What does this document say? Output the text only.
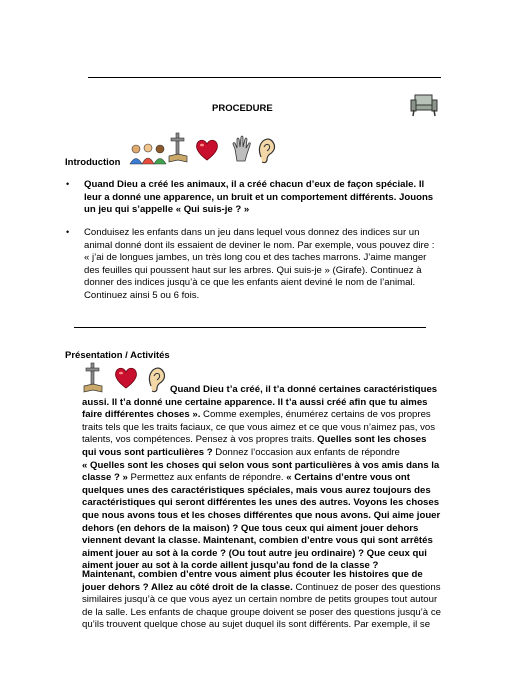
PROCEDURE
Introduction
• Quand Dieu a créé les animaux, il a créé chacun d’eux de façon spéciale. Il
leur a donné une apparence, un bruit et un comportement différents. Jouons
un jeu qui s’appelle « Qui suis-je ? »
• Conduisez les enfants dans un jeu dans lequel vous donnez des indices sur un
animal donné dont ils essaient de deviner le nom. Par exemple, vous pouvez dire :
« j’ai de longues jambes, un très long cou et des taches marrons. J’aime manger
des feuilles qui poussent haut sur les arbres. Qui suis-je » (Girafe). Continuez à
donner des indices jusqu’à ce que les enfants aient deviné le nom de l’animal.
Continuez ainsi 5 ou 6 fois.
Présentation / Activités
Quand Dieu t’a créé, il t’a donné certaines caractéristiques
aussi. Il t’a donné une certaine apparence. Il t’a aussi créé afin que tu aimes
faire différentes choses ». Comme exemples, énumérez certains de vos propres
traits tels que les traits faciaux, ce que vous aimez et ce que vous n’aimez pas, vos
talents, vos compétences. Pensez à vos propres traits. Quelles sont les choses
qui vous sont particulières ? Donnez l’occasion aux enfants de répondre
« Quelles sont les choses qui selon vous sont particulières à vos amis dans la
classe ? » Permettez aux enfants de répondre. « Certains d’entre vous ont
quelques unes des caractéristiques spéciales, mais vous aurez toujours des
caractéristiques qui seront différentes les unes des autres. Voyons les choses
que nous avons tous et les choses différentes que nous avons. Qui aime jouer
dehors (en dehors de la maison) ? Que tous ceux qui aiment jouer dehors
viennent devant la classe. Maintenant, combien d’entre vous qui sont arrêtés
aiment jouer au sot à la corde ? (Ou tout autre jeu ordinaire) ? Que ceux qui
aiment jouer au sot à la corde aillent jusqu’au fond de la classe ?
Maintenant, combien d’entre vous aiment plus écouter les histoires que de
jouer dehors ? Allez au côté droit de la classe. Continuez de poser des questions
similaires jusqu’à ce que vous ayez un certain nombre de petits groupes tout autour
de la salle. Les enfants de chaque groupe doivent se poser des questions jusqu’à ce
qu’ils trouvent quelque chose au sujet duquel ils sont différents. Par exemple, il se
